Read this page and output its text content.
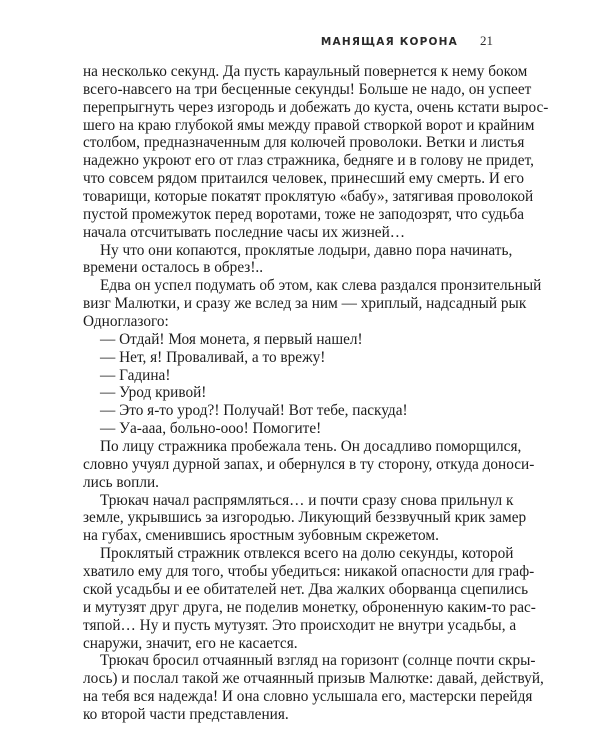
МАНЯЩАЯ КОРОНА 21
на несколько секунд. Да пусть караульный повернется к нему боком
всего-навсего на три бесценные секунды! Больше не надо, он успеет
перепрыгнуть через изгородь и добежать до куста, очень кстати вырос-
шего на краю глубокой ямы между правой створкой ворот и крайним
столбом, предназначенным для колючей проволоки. Ветки и листья
надежно укроют его от глаз стражника, бедняге и в голову не придет,
что совсем рядом притаился человек, принесший ему смерть. И его
товарищи, которые покатят проклятую «бабу», затягивая проволокой
пустой промежуток перед воротами, тоже не заподозрят, что судьба
начала отсчитывать последние часы их жизней…
Ну что они копаются, проклятые лодыри, давно пора начинать,
времени осталось в обрез!..
Едва он успел подумать об этом, как слева раздался пронзительный
визг Малютки, и сразу же вслед за ним — хриплый, надсадный рык
Одноглазого:
— Отдай! Моя монета, я первый нашел!
— Нет, я! Проваливай, а то врежу!
— Гадина!
— Урод кривой!
— Это я-то урод?! Получай! Вот тебе, паскуда!
— Уа-ааа, больно-ооо! Помогите!
По лицу стражника пробежала тень. Он досадливо поморщился,
словно учуял дурной запах, и обернулся в ту сторону, откуда доноси-
лись вопли.
Трюкач начал распрямляться… и почти сразу снова прильнул к
земле, укрывшись за изгородью. Ликующий беззвучный крик замер
на губах, сменившись яростным зубовным скрежетом.
Проклятый стражник отвлекся всего на долю секунды, которой
хватило ему для того, чтобы убедиться: никакой опасности для граф-
ской усадьбы и ее обитателей нет. Два жалких оборванца сцепились
и мутузят друг друга, не поделив монетку, оброненную каким-то рас-
тяпой… Ну и пусть мутузят. Это происходит не внутри усадьбы, а
снаружи, значит, его не касается.
Трюкач бросил отчаянный взгляд на горизонт (солнце почти скры-
лось) и послал такой же отчаянный призыв Малютке: давай, действуй,
на тебя вся надежда! И она словно услышала его, мастерски перейдя
ко второй части представления.
